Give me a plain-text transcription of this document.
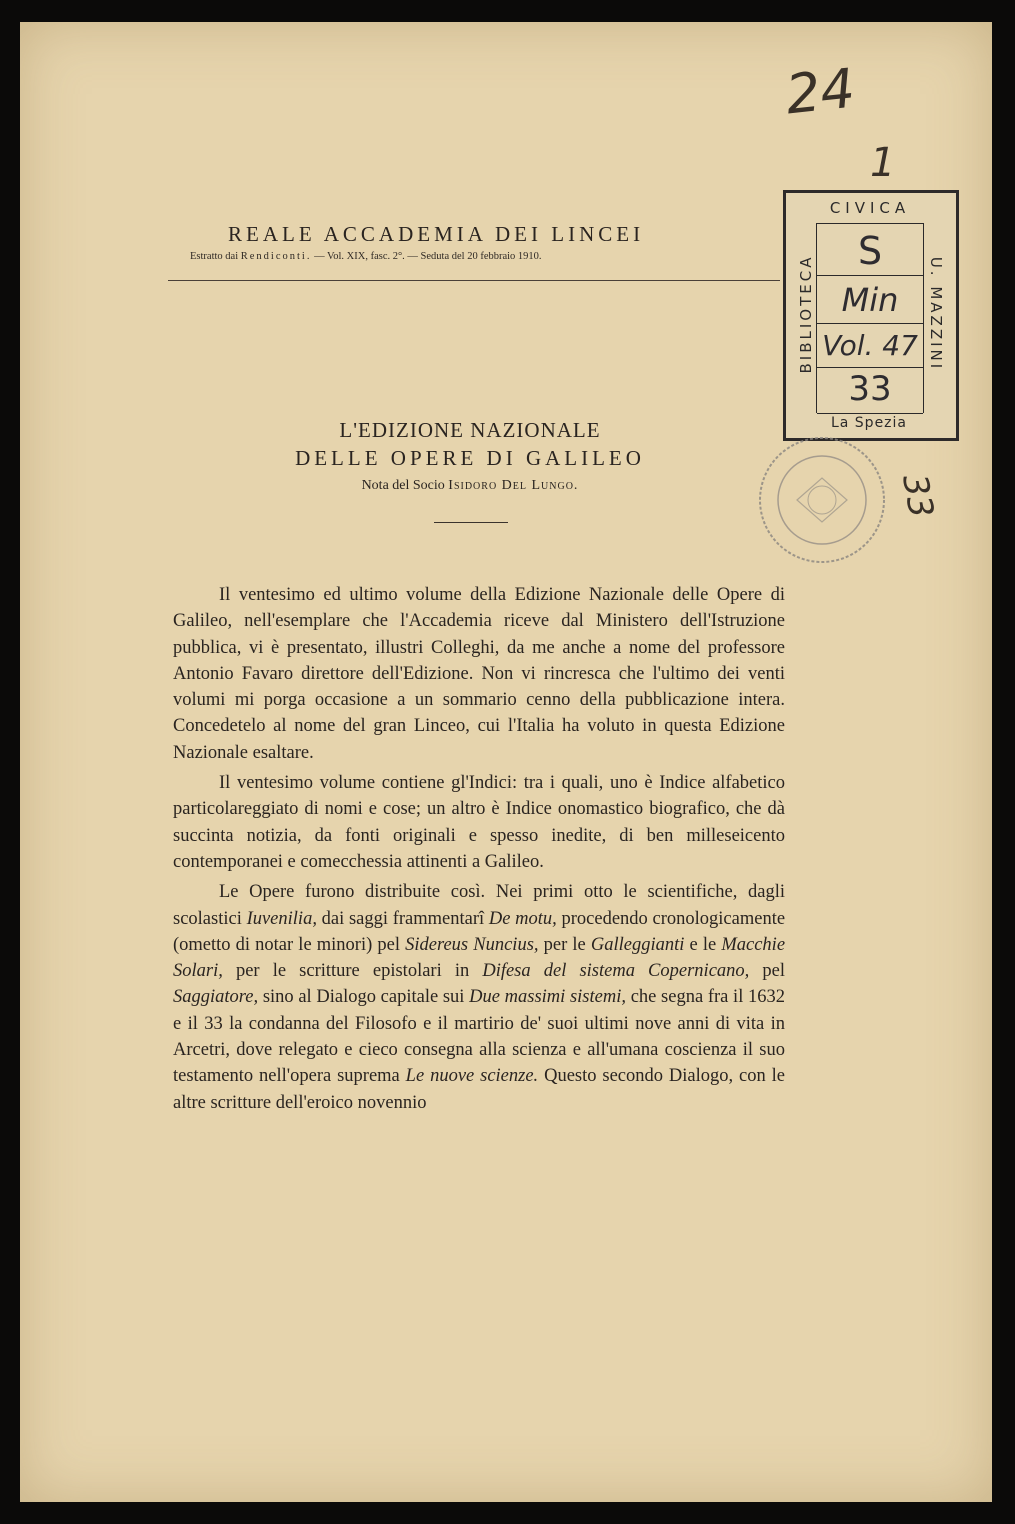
24
1
33
REALE ACCADEMIA DEI LINCEI
Estratto dai Rendiconti. — Vol. XIX, fasc. 2°. — Seduta del 20 febbraio 1910.
L'EDIZIONE NAZIONALE
DELLE OPERE DI GALILEO
Nota del Socio Isidoro Del Lungo.
CIVICA
BIBLIOTECA	U. MAZZINI
S
Min
Vol. 47
33
La Spezia

Il ventesimo ed ultimo volume della Edizione Nazionale delle Opere di Galileo, nell'esemplare che l'Accademia riceve dal Ministero dell'Istruzione pubblica, vi è presentato, illustri Colleghi, da me anche a nome del professore Antonio Favaro direttore dell'Edizione. Non vi rincresca che l'ultimo dei venti volumi mi porga occasione a un sommario cenno della pubblicazione intera. Concedetelo al nome del gran Linceo, cui l'Italia ha voluto in questa Edizione Nazionale esaltare.

Il ventesimo volume contiene gl'Indici: tra i quali, uno è Indice alfabetico particolareggiato di nomi e cose; un altro è Indice onomastico biografico, che dà succinta notizia, da fonti originali e spesso inedite, di ben milleseicento contemporanei e comecchessia attinenti a Galileo.

Le Opere furono distribuite così. Nei primi otto le scientifiche, dagli scolastici Iuvenilia, dai saggi frammentarî De motu, procedendo cronologicamente (ometto di notar le minori) pel Sidereus Nuncius, per le Galleggianti e le Macchie Solari, per le scritture epistolari in Difesa del sistema Copernicano, pel Saggiatore, sino al Dialogo capitale sui Due massimi sistemi, che segna fra il 1632 e il 33 la condanna del Filosofo e il martirio de' suoi ultimi nove anni di vita in Arcetri, dove relegato e cieco consegna alla scienza e all'umana coscienza il suo testamento nell'opera suprema Le nuove scienze. Questo secondo Dialogo, con le altre scritture dell'eroico novennio
